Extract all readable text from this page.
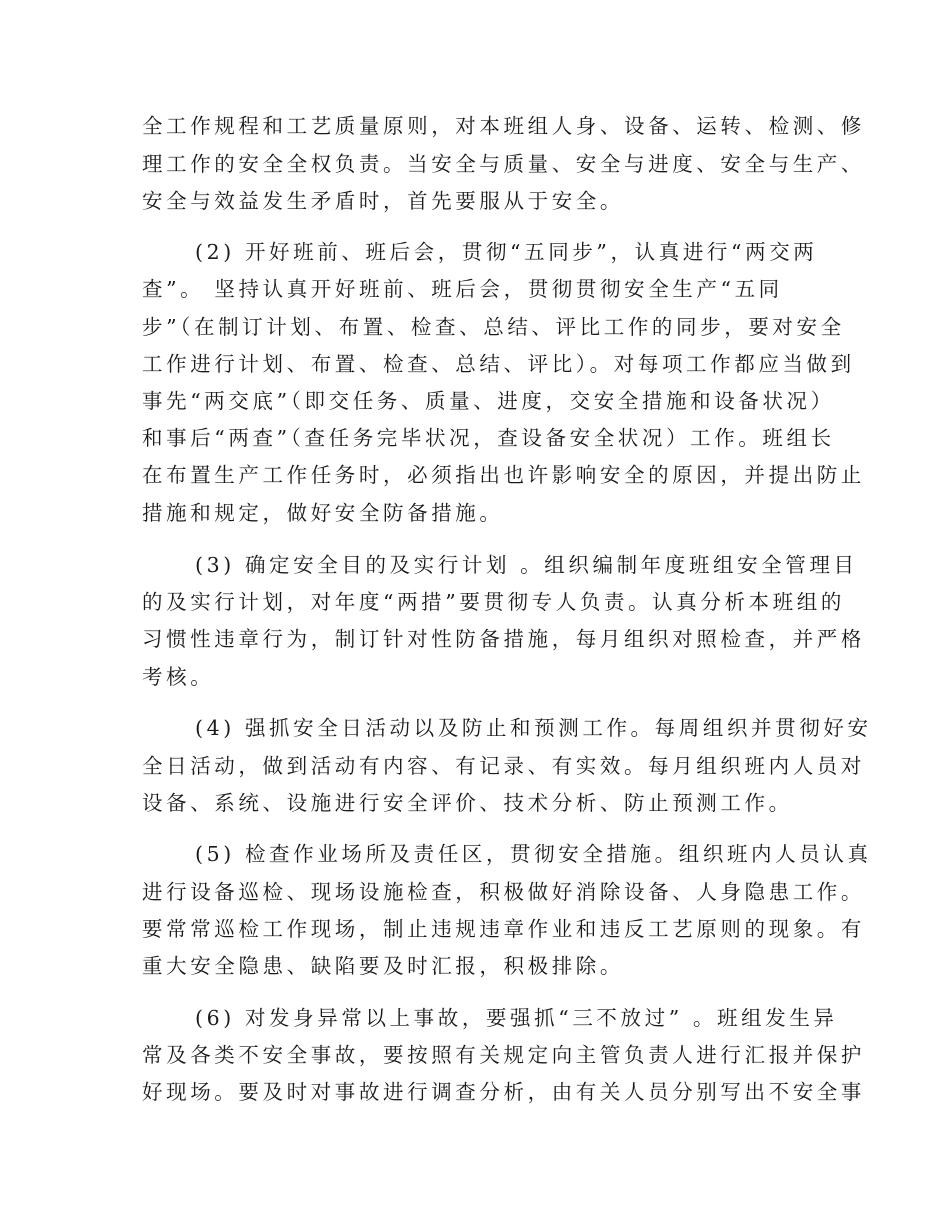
全工作规程和工艺质量原则，对本班组人身、设备、运转、检测、修
理工作的安全全权负责。当安全与质量、安全与进度、安全与生产、
安全与效益发生矛盾时，首先要服从于安全。
(2) 开好班前、班后会，贯彻“五同步”，认真进行“两交两
查”。 坚持认真开好班前、班后会，贯彻贯彻安全生产“五同
步”（在制订计划、布置、检查、总结、评比工作的同步，要对安全
工作进行计划、布置、检查、总结、评比）。对每项工作都应当做到
事先“两交底”（即交任务、质量、进度，交安全措施和设备状况）
和事后“两查”（查任务完毕状况，查设备安全状况）工作。班组长
在布置生产工作任务时，必须指出也许影响安全的原因，并提出防止
措施和规定，做好安全防备措施。
(3) 确定安全目的及实行计划 。组织编制年度班组安全管理目
的及实行计划，对年度“两措”要贯彻专人负责。认真分析本班组的
习惯性违章行为，制订针对性防备措施，每月组织对照检查，并严格
考核。
(4) 强抓安全日活动以及防止和预测工作。每周组织并贯彻好安
全日活动，做到活动有内容、有记录、有实效。每月组织班内人员对
设备、系统、设施进行安全评价、技术分析、防止预测工作。
(5) 检查作业场所及责任区，贯彻安全措施。组织班内人员认真
进行设备巡检、现场设施检查，积极做好消除设备、人身隐患工作。
要常常巡检工作现场，制止违规违章作业和违反工艺原则的现象。有
重大安全隐患、缺陷要及时汇报，积极排除。
(6) 对发身异常以上事故，要强抓“三不放过” 。班组发生异
常及各类不安全事故，要按照有关规定向主管负责人进行汇报并保护
好现场。要及时对事故进行调查分析，由有关人员分别写出不安全事
